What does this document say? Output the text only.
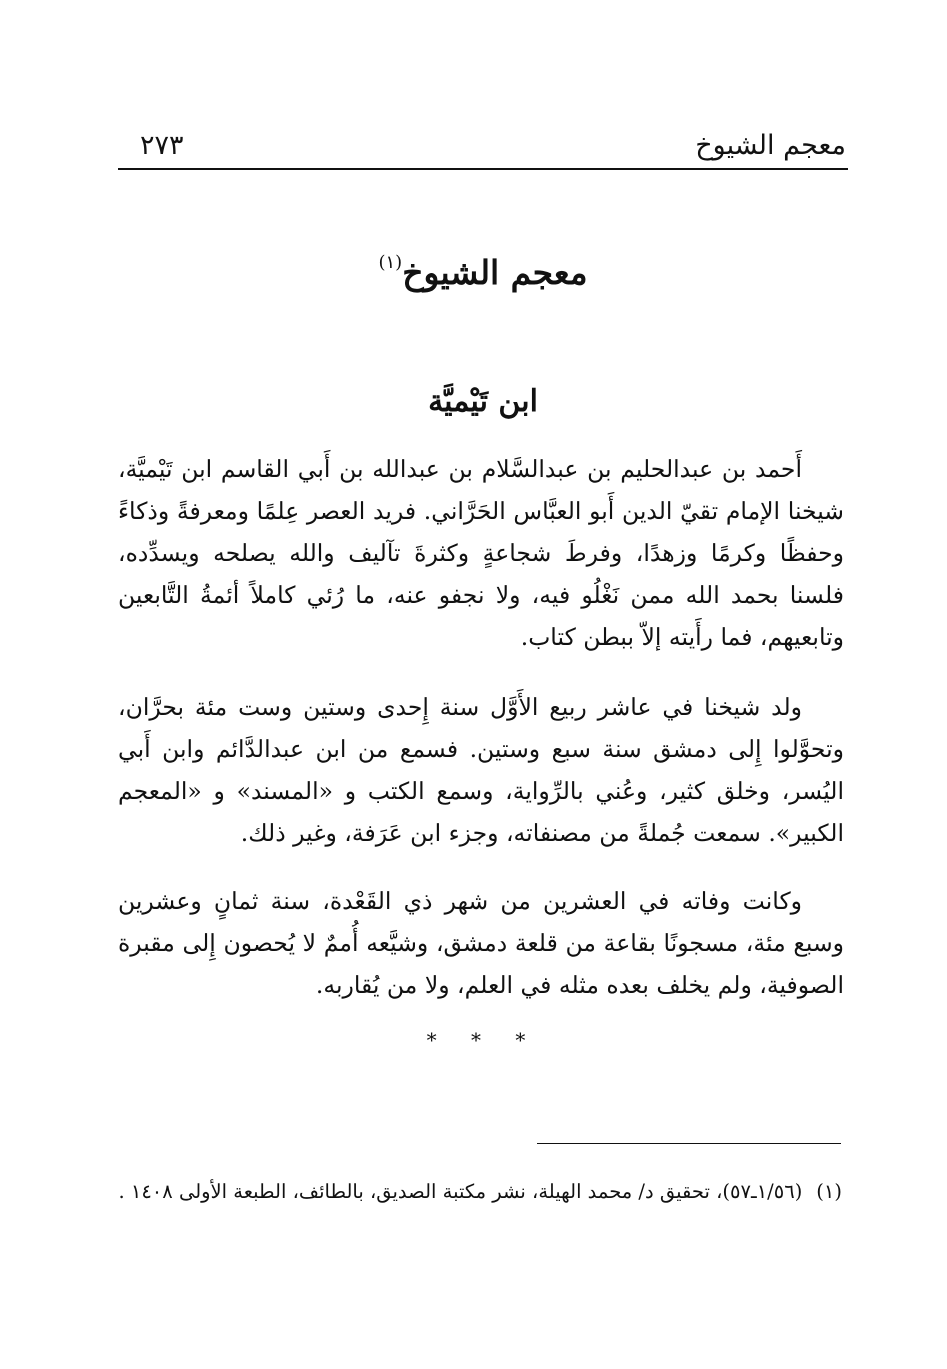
معجم الشيوخ
٢٧٣
معجم الشيوخ$^{(١)}$
ابن تَيْميَّة

أَحمد بن عبدالحليم بن عبدالسَّلام بن عبدالله بن أَبي القاسم ابن تَيْميَّة، شيخنا الإمام تقيّ الدين أَبو العبَّاس الحَرَّاني. فريد العصر عِلمًا ومعرفةً وذكاءً وحفظًا وكرمًا وزهدًا، وفرطَ شجاعةٍ وكثرةَ تآليف والله يصلحه ويسدِّده، فلسنا بحمد الله ممن نَغْلُو فيه، ولا نجفو عنه، ما رُئي كاملاً أئمةُ التَّابعين وتابعيهم، فما رأَيته إلاّ ببطن كتاب.

ولد شيخنا في عاشر ربيع الأَوَّل سنة إِحدى وستين وست مئة بحرَّان، وتحوَّلوا إِلى دمشق سنة سبع وستين. فسمع من ابن عبدالدَّائم وابن أَبي اليُسر، وخلق كثير، وعُني بالرِّواية، وسمع الكتب و «المسند» و «المعجم الكبير». سمعت جُملةً من مصنفاته، وجزء ابن عَرَفة، وغير ذلك.

وكانت وفاته في العشرين من شهر ذي القَعْدة، سنة ثمانٍ وعشرين وسبع مئة، مسجونًا بقاعة من قلعة دمشق، وشيَّعه أُممٌ لا يُحصون إِلى مقبرة الصوفية، ولم يخلف بعده مثله في العلم، ولا من يُقاربه.

* * *
(١)(١/٥٦ـ٥٧)، تحقيق د/ محمد الهيلة، نشر مكتبة الصديق، بالطائف، الطبعة الأولى ١٤٠٨ .
